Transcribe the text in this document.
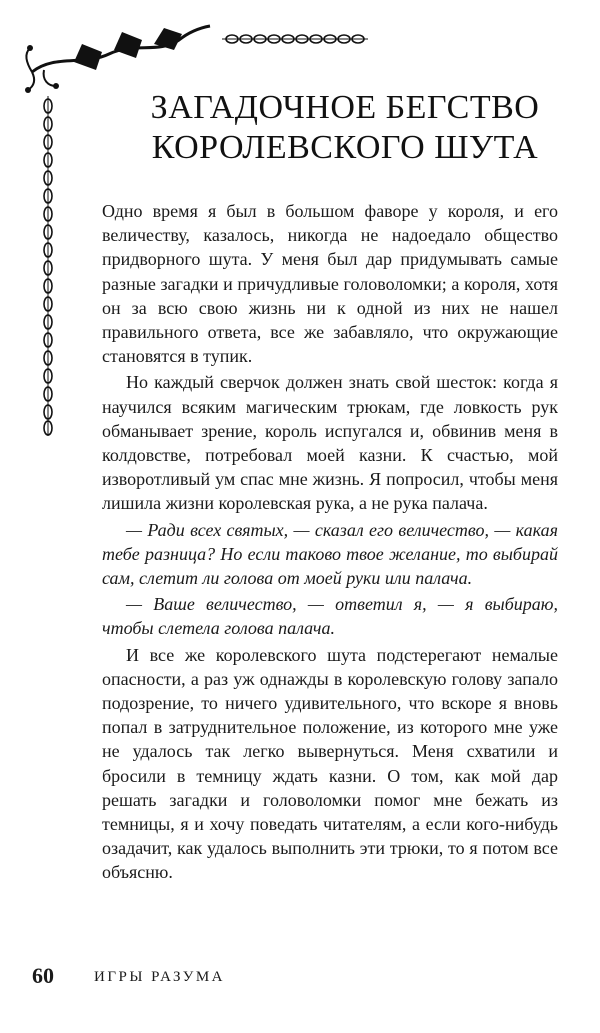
ЗАГАДОЧНОЕ БЕГСТВО
КОРОЛЕВСКОГО ШУТА

Одно время я был в большом фаворе у короля, и его величеству, казалось, никогда не надоедало общество придворного шута. У меня был дар придумывать самые разные загадки и причудливые головоломки; а короля, хотя он за всю свою жизнь ни к одной из них не нашел правильного ответа, все же забавляло, что окружающие становятся в тупик.

Но каждый сверчок должен знать свой шесток: когда я научился всяким магическим трюкам, где ловкость рук обманывает зрение, король испугался и, обвинив меня в колдовстве, потребовал моей казни. К счастью, мой изворотливый ум спас мне жизнь. Я попросил, чтобы меня лишила жизни королевская рука, а не рука палача.

— Ради всех святых, — сказал его величество, — какая тебе разница? Но если таково твое желание, то выбирай сам, слетит ли голова от моей руки или палача.

— Ваше величество, — ответил я, — я выбираю, чтобы слетела голова палача.

И все же королевского шута подстерегают немалые опасности, а раз уж однажды в королевскую голову запало подозрение, то ничего удивительного, что вскоре я вновь попал в затруднительное положение, из которого мне уже не удалось так легко вывернуться. Меня схватили и бросили в темницу ждать казни. О том, как мой дар решать загадки и головоломки помог мне бежать из темницы, я и хочу поведать читателям, а если кого-нибудь озадачит, как удалось выполнить эти трюки, то я потом все объясню.

60	ИГРЫ РАЗУМА
